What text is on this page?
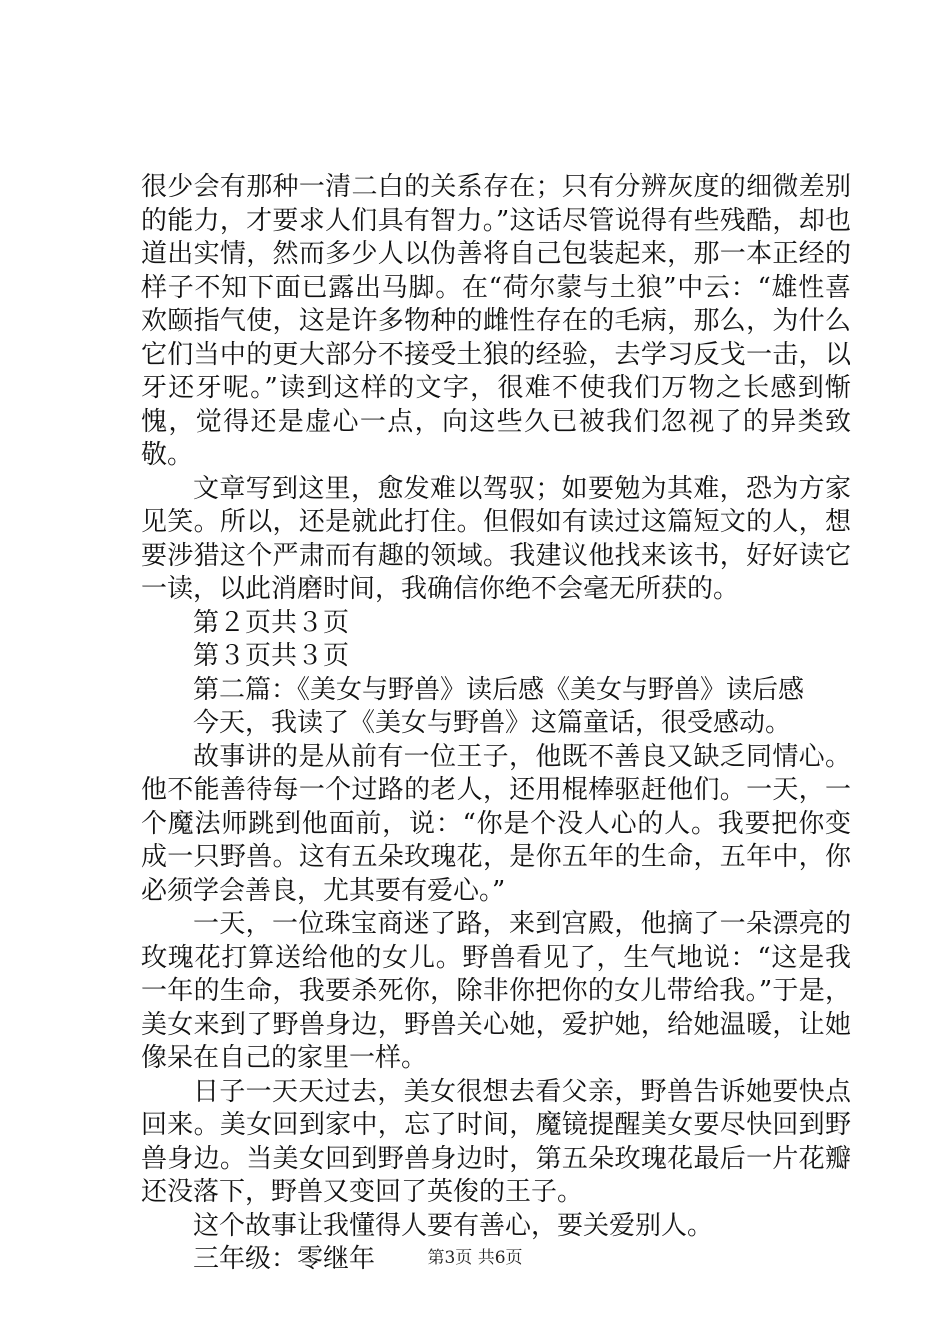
很少会有那种一清二白的关系存在；只有分辨灰度的细微差别的能力，才要求人们具有智力。”这话尽管说得有些残酷，却也道出实情，然而多少人以伪善将自己包装起来，那一本正经的样子不知下面已露出马脚。在“荷尔蒙与土狼”中云：“雄性喜欢颐指气使，这是许多物种的雌性存在的毛病，那么，为什么它们当中的更大部分不接受土狼的经验，去学习反戈一击，以牙还牙呢。”读到这样的文字，很难不使我们万物之长感到惭愧，觉得还是虚心一点，向这些久已被我们忽视了的异类致敬。

文章写到这里，愈发难以驾驭；如要勉为其难，恐为方家见笑。所以，还是就此打住。但假如有读过这篇短文的人，想要涉猎这个严肃而有趣的领域。我建议他找来该书，好好读它一读，以此消磨时间，我确信你绝不会毫无所获的。

第２页共３页

第３页共３页

第二篇：《美女与野兽》读后感《美女与野兽》读后感

今天，我读了《美女与野兽》这篇童话，很受感动。

故事讲的是从前有一位王子，他既不善良又缺乏同情心。他不能善待每一个过路的老人，还用棍棒驱赶他们。一天，一个魔法师跳到他面前，说：“你是个没人心的人。我要把你变成一只野兽。这有五朵玫瑰花，是你五年的生命，五年中，你必须学会善良，尤其要有爱心。”

一天，一位珠宝商迷了路，来到宫殿，他摘了一朵漂亮的玫瑰花打算送给他的女儿。野兽看见了，生气地说：“这是我一年的生命，我要杀死你，除非你把你的女儿带给我。”于是，美女来到了野兽身边，野兽关心她，爱护她，给她温暖，让她像呆在自己的家里一样。

日子一天天过去，美女很想去看父亲，野兽告诉她要快点回来。美女回到家中，忘了时间，魔镜提醒美女要尽快回到野兽身边。当美女回到野兽身边时，第五朵玫瑰花最后一片花瓣还没落下，野兽又变回了英俊的王子。

这个故事让我懂得人要有善心，要关爱别人。

三年级：零继年	第3页 共6页
